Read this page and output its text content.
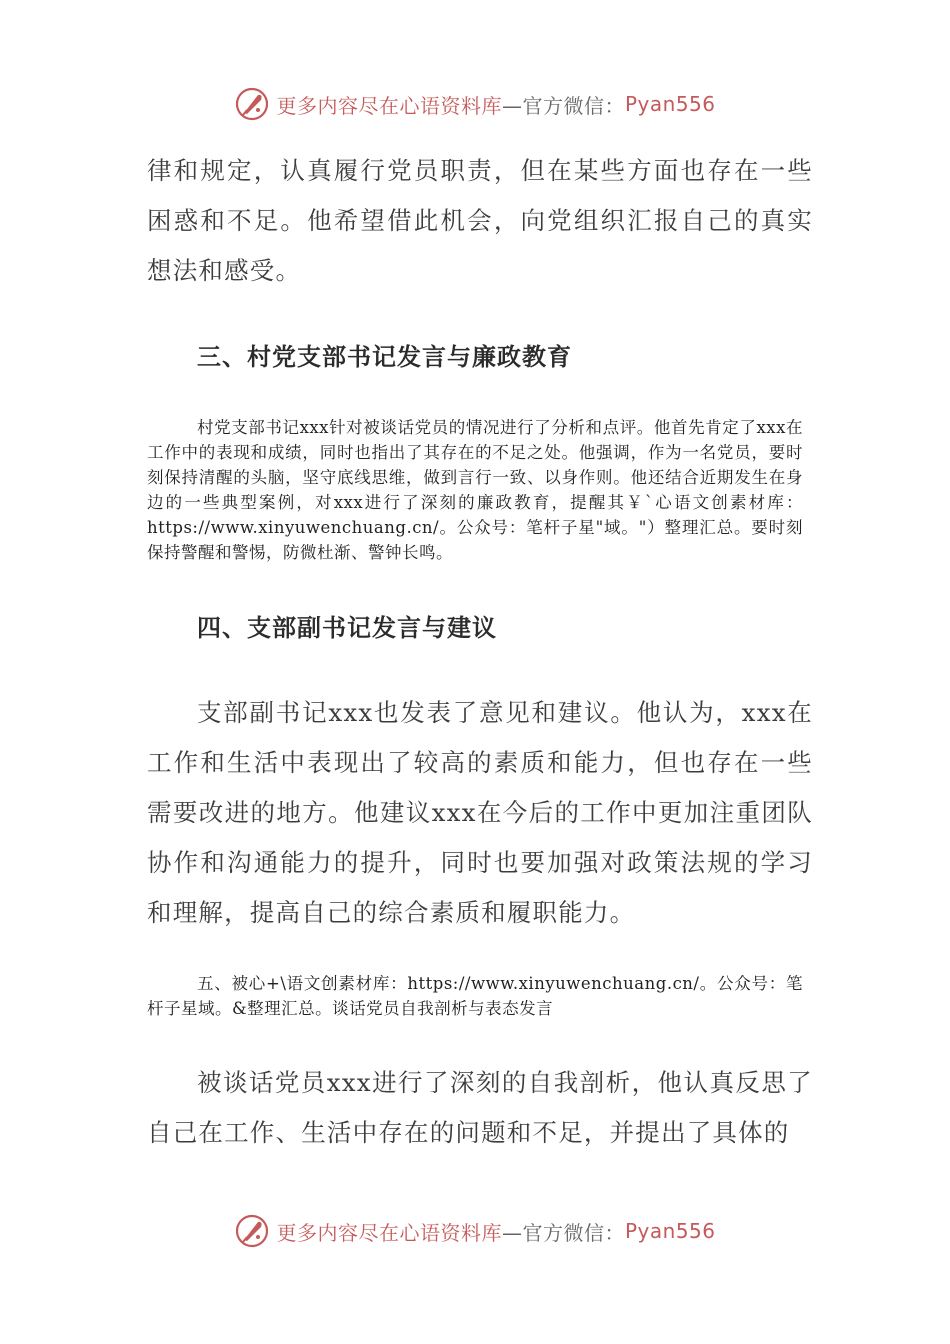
更多内容尽在心语资料库 —官方微信： Pyan556

律和规定，认真履行党员职责，但在某些方面也存在一些困惑和不足。他希望借此机会，向党组织汇报自己的真实想法和感受。

三、村党支部书记发言与廉政教育

村党支部书记xxx针对被谈话党员的情况进行了分析和点评。他首先肯定了xxx在工作中的表现和成绩，同时也指出了其存在的不足之处。他强调，作为一名党员，要时刻保持清醒的头脑，坚守底线思维，做到言行一致、以身作则。他还结合近期发生在身边的一些典型案例，对xxx进行了深刻的廉政教育，提醒其￥`心语文创素材库：https://www.xinyuwenchuang.cn/。公众号：笔杆子星"域。"）整理汇总。要时刻保持警醒和警惕，防微杜渐、警钟长鸣。

四、支部副书记发言与建议

支部副书记xxx也发表了意见和建议。他认为，xxx在工作和生活中表现出了较高的素质和能力，但也存在一些需要改进的地方。他建议xxx在今后的工作中更加注重团队协作和沟通能力的提升，同时也要加强对政策法规的学习和理解，提高自己的综合素质和履职能力。

五、被心+\语文创素材库：https://www.xinyuwenchuang.cn/。公众号：笔杆子星域。&整理汇总。谈话党员自我剖析与表态发言

被谈话党员xxx进行了深刻的自我剖析，他认真反思了自己在工作、生活中存在的问题和不足，并提出了具体的

更多内容尽在心语资料库 —官方微信： Pyan556
